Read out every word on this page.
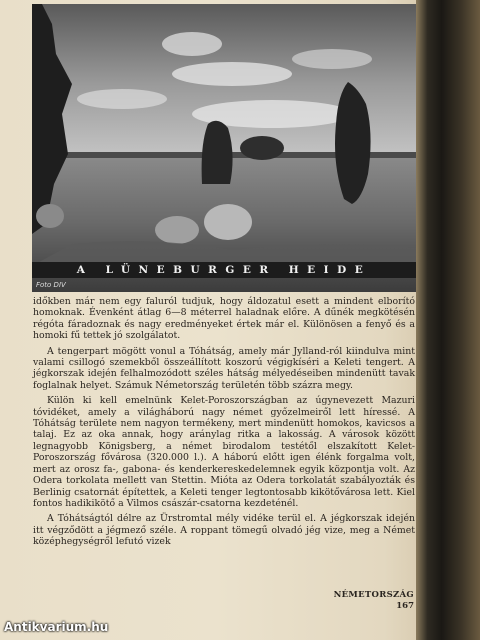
A LÜNEBURGER HEIDE
Foto DIV

időkben már nem egy faluról tudjuk, hogy áldozatul esett a mindent elborító homoknak. Évenként átlag 6—8 méterrel haladnak előre. A dűnék megkötésén régóta fáradoznak és nagy eredményeket értek már el. Különösen a fenyő és a homoki fű tettek jó szolgálatot.

A tengerpart mögött vonul a Tóhátság, amely már Jylland-ról kiindulva mint valami csillogó szemekből összeállított koszorú végigkíséri a Keleti tengert. A jégkorszak idején felhalmozódott széles hátság mélyedéseiben mindenütt tavak foglalnak helyet. Számuk Németország területén több százra megy.

Külön ki kell emelnünk Kelet-Poroszországban az úgynevezett Mazuri tóvidéket, amely a világháború nagy német győzelmeiről lett híressé. A Tóhátság területe nem nagyon termékeny, mert mindenütt homokos, kavicsos a talaj. Ez az oka annak, hogy aránylag ritka a lakosság. A városok között legnagyobb Königsberg, a német birodalom testétől elszakított Kelet-Poroszország fővárosa (320.000 l.). A háború előtt igen élénk forgalma volt, mert az orosz fa-, gabona- és kenderkereskedelemnek egyik központja volt. Az Odera torkolata mellett van Stettin. Mióta az Odera torkolatát szabályozták és Berlinig csatornát építettek, a Keleti tenger legtontosabb kikötővárosa lett. Kiel fontos hadikikötő a Vilmos császár-csatorna kezdeténél.

A Tóhátságtól délre az Ürstromtal mély vidéke terül el. A jégkorszak idején itt végződött a jégmező széle. A roppant tömegű olvadó jég vize, meg a Német középhegységről lefutó vizek

NÉMETORSZÁG
167
Antikvarium.hu
